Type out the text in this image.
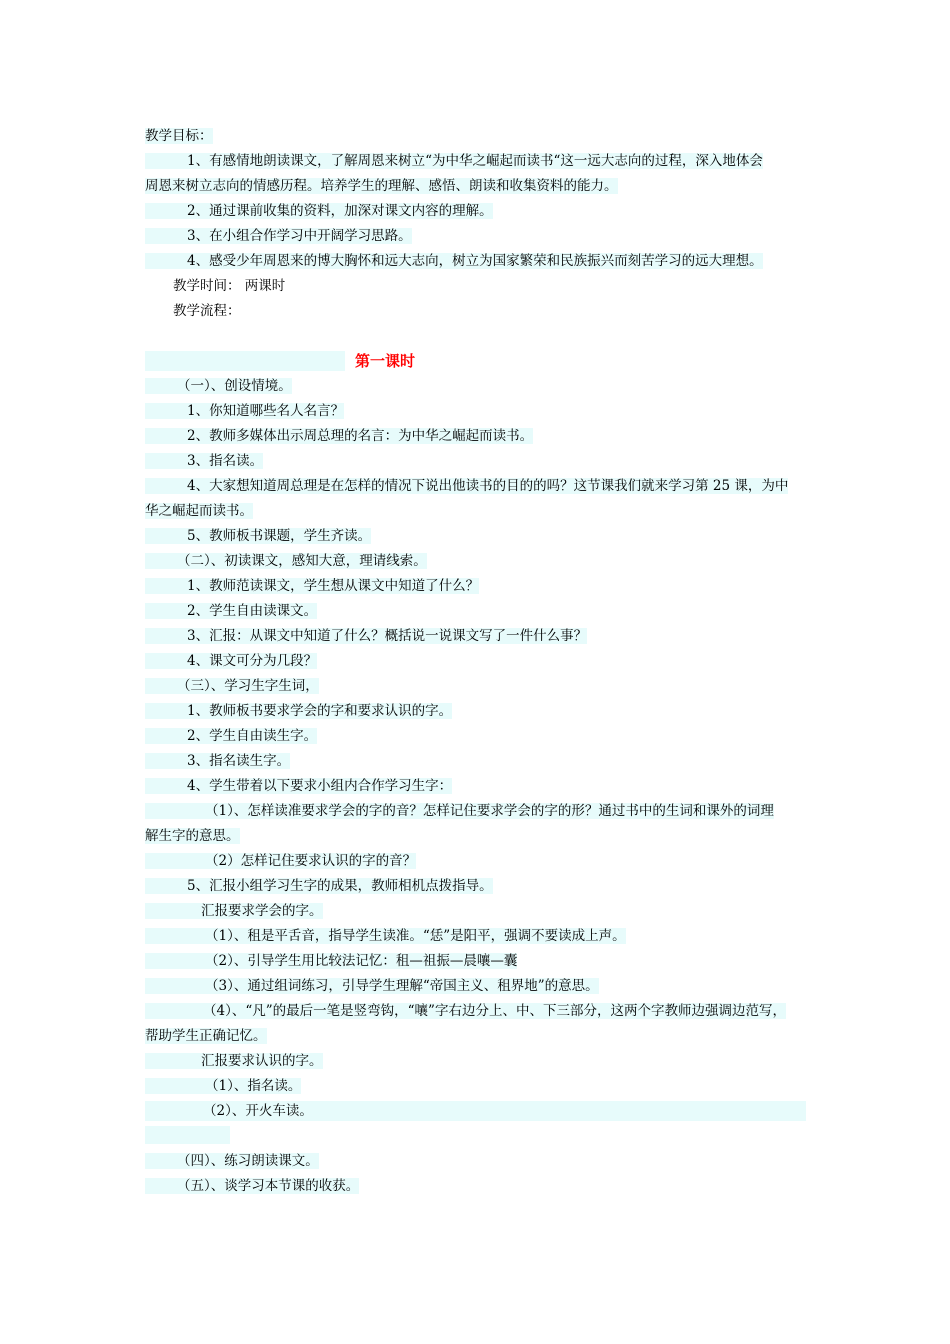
教学目标：
1、有感情地朗读课文，了解周恩来树立“为中华之崛起而读书“这一远大志向的过程，深入地体会
周恩来树立志向的情感历程。培养学生的理解、感悟、朗读和收集资料的能力。
2、通过课前收集的资料，加深对课文内容的理解。
3、在小组合作学习中开阔学习思路。
4、感受少年周恩来的博大胸怀和远大志向，树立为国家繁荣和民族振兴而刻苦学习的远大理想。
教学时间： 两课时
教学流程：
第一课时
（一）、创设情境。
1、你知道哪些名人名言？
2、教师多媒体出示周总理的名言：为中华之崛起而读书。
3、指名读。
4、大家想知道周总理是在怎样的情况下说出他读书的目的的吗？这节课我们就来学习第 25 课，为中
华之崛起而读书。
5、教师板书课题，学生齐读。
（二）、初读课文，感知大意，理请线索。
1、教师范读课文，学生想从课文中知道了什么？
2、学生自由读课文。
3、汇报：从课文中知道了什么？概括说一说课文写了一件什么事？
4、课文可分为几段？
（三）、学习生字生词，
1、教师板书要求学会的字和要求认识的字。
2、学生自由读生字。
3、指名读生字。
4、学生带着以下要求小组内合作学习生字：
（1）、怎样读准要求学会的字的音？怎样记住要求学会的字的形？通过书中的生词和课外的词理
解生字的意思。
（2）怎样记住要求认识的字的音？
5、汇报小组学习生字的成果，教师相机点拨指导。
汇报要求学会的字。
（1）、租是平舌音，指导学生读准。“恁”是阳平，强调不要读成上声。
（2）、引导学生用比较法记忆：租—祖振—晨嚷—囊
（3）、通过组词练习，引导学生理解“帝国主义、租界地”的意思。
（4）、“凡”的最后一笔是竖弯钩，“嚷”字右边分上、中、下三部分，这两个字教师边强调边范写，
帮助学生正确记忆。
汇报要求认识的字。
（1）、指名读。
（2）、开火车读。
（四）、练习朗读课文。
（五）、谈学习本节课的收获。
